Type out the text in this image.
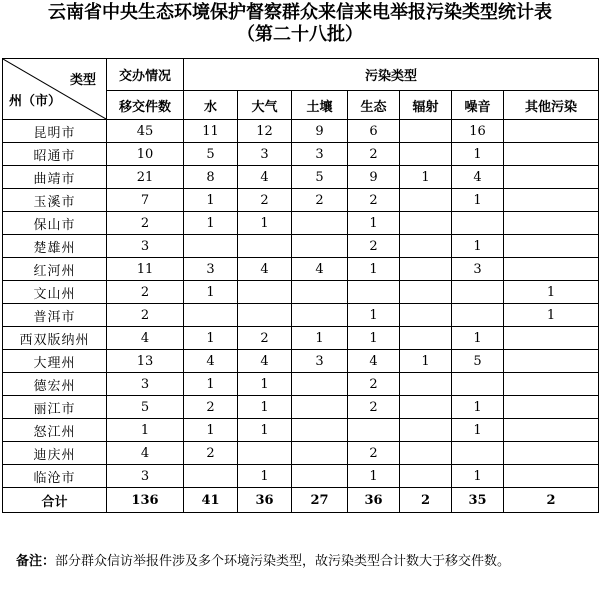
云南省中央生态环境保护督察群众来信来电举报污染类型统计表
（第二十八批）
类型
州（市）	交办情况	污染类型						
	移交件数	水	大气	土壤	生态	辐射	噪音	其他污染
昆明市	45	11	12	9	6		16	
昭通市	10	5	3	3	2		1	
曲靖市	21	8	4	5	9	1	4	
玉溪市	7	1	2	2	2		1	
保山市	2	1	1		1			
楚雄州	3				2		1	
红河州	11	3	4	4	1		3	
文山州	2	1						1
普洱市	2				1			1
西双版纳州	4	1	2	1	1		1	
大理州	13	4	4	3	4	1	5	
德宏州	3	1	1		2			
丽江市	5	2	1		2		1	
怒江州	1	1	1				1	
迪庆州	4	2			2			
临沧市	3		1		1		1	
合计	136	41	36	27	36	2	35	2
备注：部分群众信访举报件涉及多个环境污染类型，故污染类型合计数大于移交件数。
